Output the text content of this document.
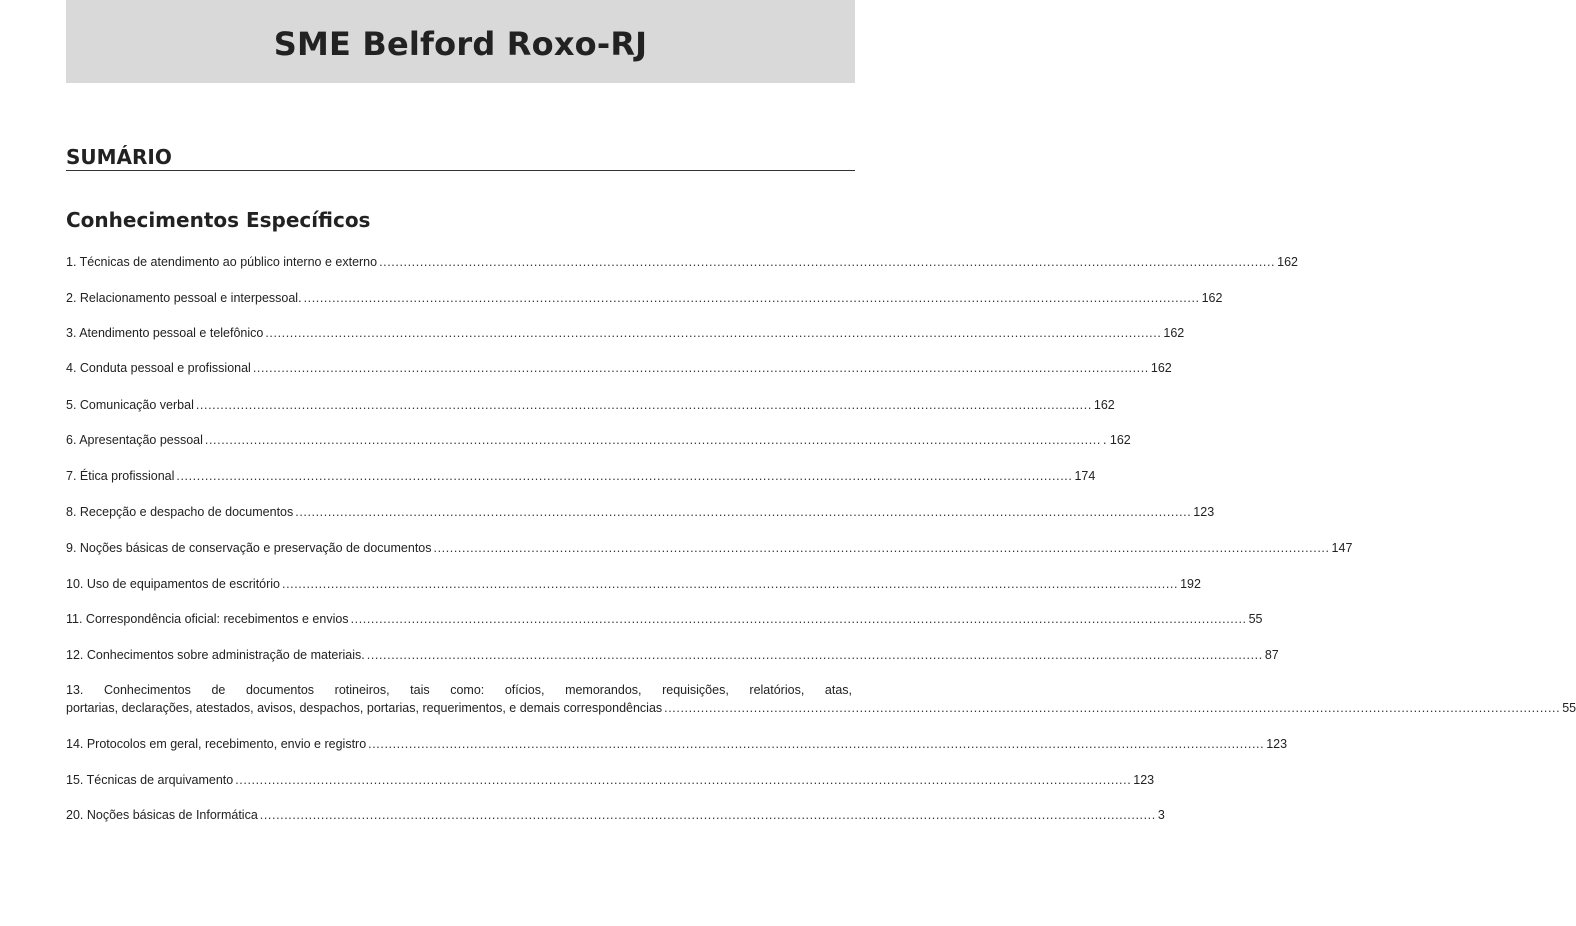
SME Belford Roxo-RJ
SUMÁRIO
Conhecimentos Específicos
1. Técnicas de atendimento ao público interno e externo ............................................................................................................................................................................................................................ 162
2. Relacionamento pessoal e interpessoal. ............................................................................................................................................................................................................................ 162
3. Atendimento pessoal e telefônico ............................................................................................................................................................................................................................ 162
4. Conduta pessoal e profissional ............................................................................................................................................................................................................................ 162
5. Comunicação verbal ............................................................................................................................................................................................................................ 162
6. Apresentação pessoal ............................................................................................................................................................................................................................ . 162
7. Ética profissional ............................................................................................................................................................................................................................ 174
8. Recepção e despacho de documentos ............................................................................................................................................................................................................................ 123
9. Noções básicas de conservação e preservação de documentos ............................................................................................................................................................................................................................ 147
10. Uso de equipamentos de escritório ............................................................................................................................................................................................................................ 192
11. Correspondência oficial: recebimentos e envios ............................................................................................................................................................................................................................ 55
12. Conhecimentos sobre administração de materiais. ............................................................................................................................................................................................................................ 87
13. Conhecimentos de documentos rotineiros, tais como: ofícios, memorandos, requisições, relatórios, atas,
portarias, declarações, atestados, avisos, despachos, portarias, requerimentos, e demais correspondências ............................................................................................................................................................................................................................ 55
14. Protocolos em geral, recebimento, envio e registro ............................................................................................................................................................................................................................ 123
15. Técnicas de arquivamento ............................................................................................................................................................................................................................ 123
20. Noções básicas de Informática ............................................................................................................................................................................................................................ 3
